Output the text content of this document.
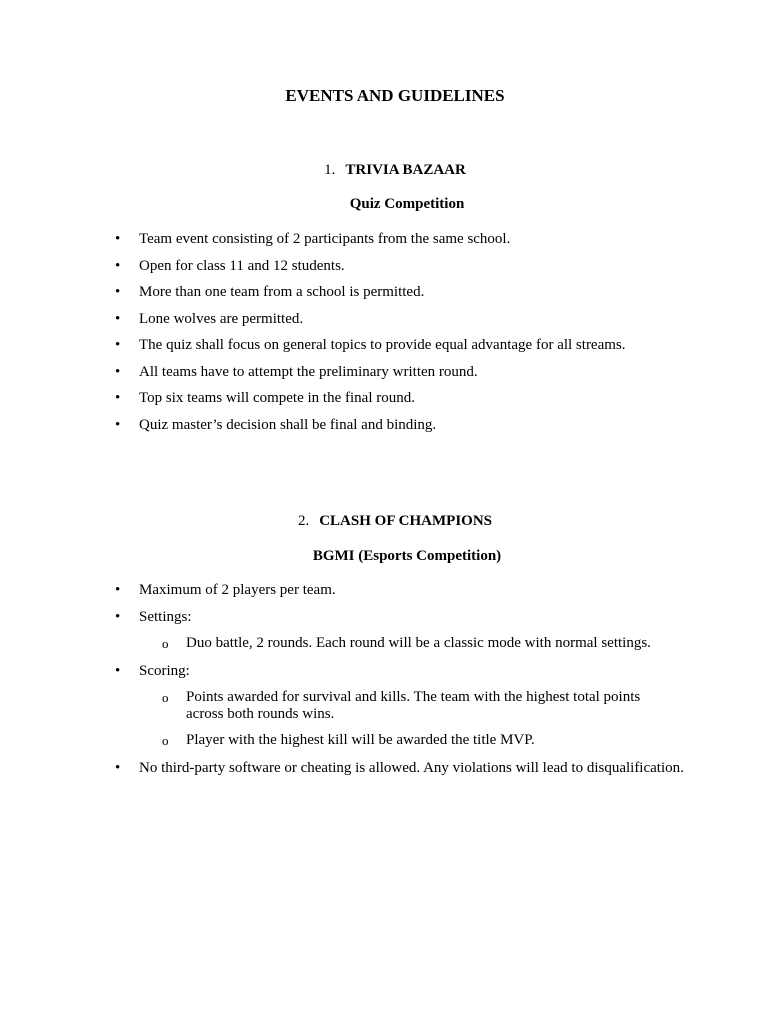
EVENTS AND GUIDELINES
1. TRIVIA BAZAAR
Quiz Competition
• Team event consisting of 2 participants from the same school.
• Open for class 11 and 12 students.
• More than one team from a school is permitted.
• Lone wolves are permitted.
• The quiz shall focus on general topics to provide equal advantage for all streams.
• All teams have to attempt the preliminary written round.
• Top six teams will compete in the final round.
• Quiz master’s decision shall be final and binding.
2. CLASH OF CHAMPIONS
BGMI (Esports Competition)
• Maximum of 2 players per team.
• Settings:
o Duo battle, 2 rounds. Each round will be a classic mode with normal settings.
• Scoring:
o Points awarded for survival and kills. The team with the highest total points across both rounds wins.
o Player with the highest kill will be awarded the title MVP.
• No third-party software or cheating is allowed. Any violations will lead to disqualification.
